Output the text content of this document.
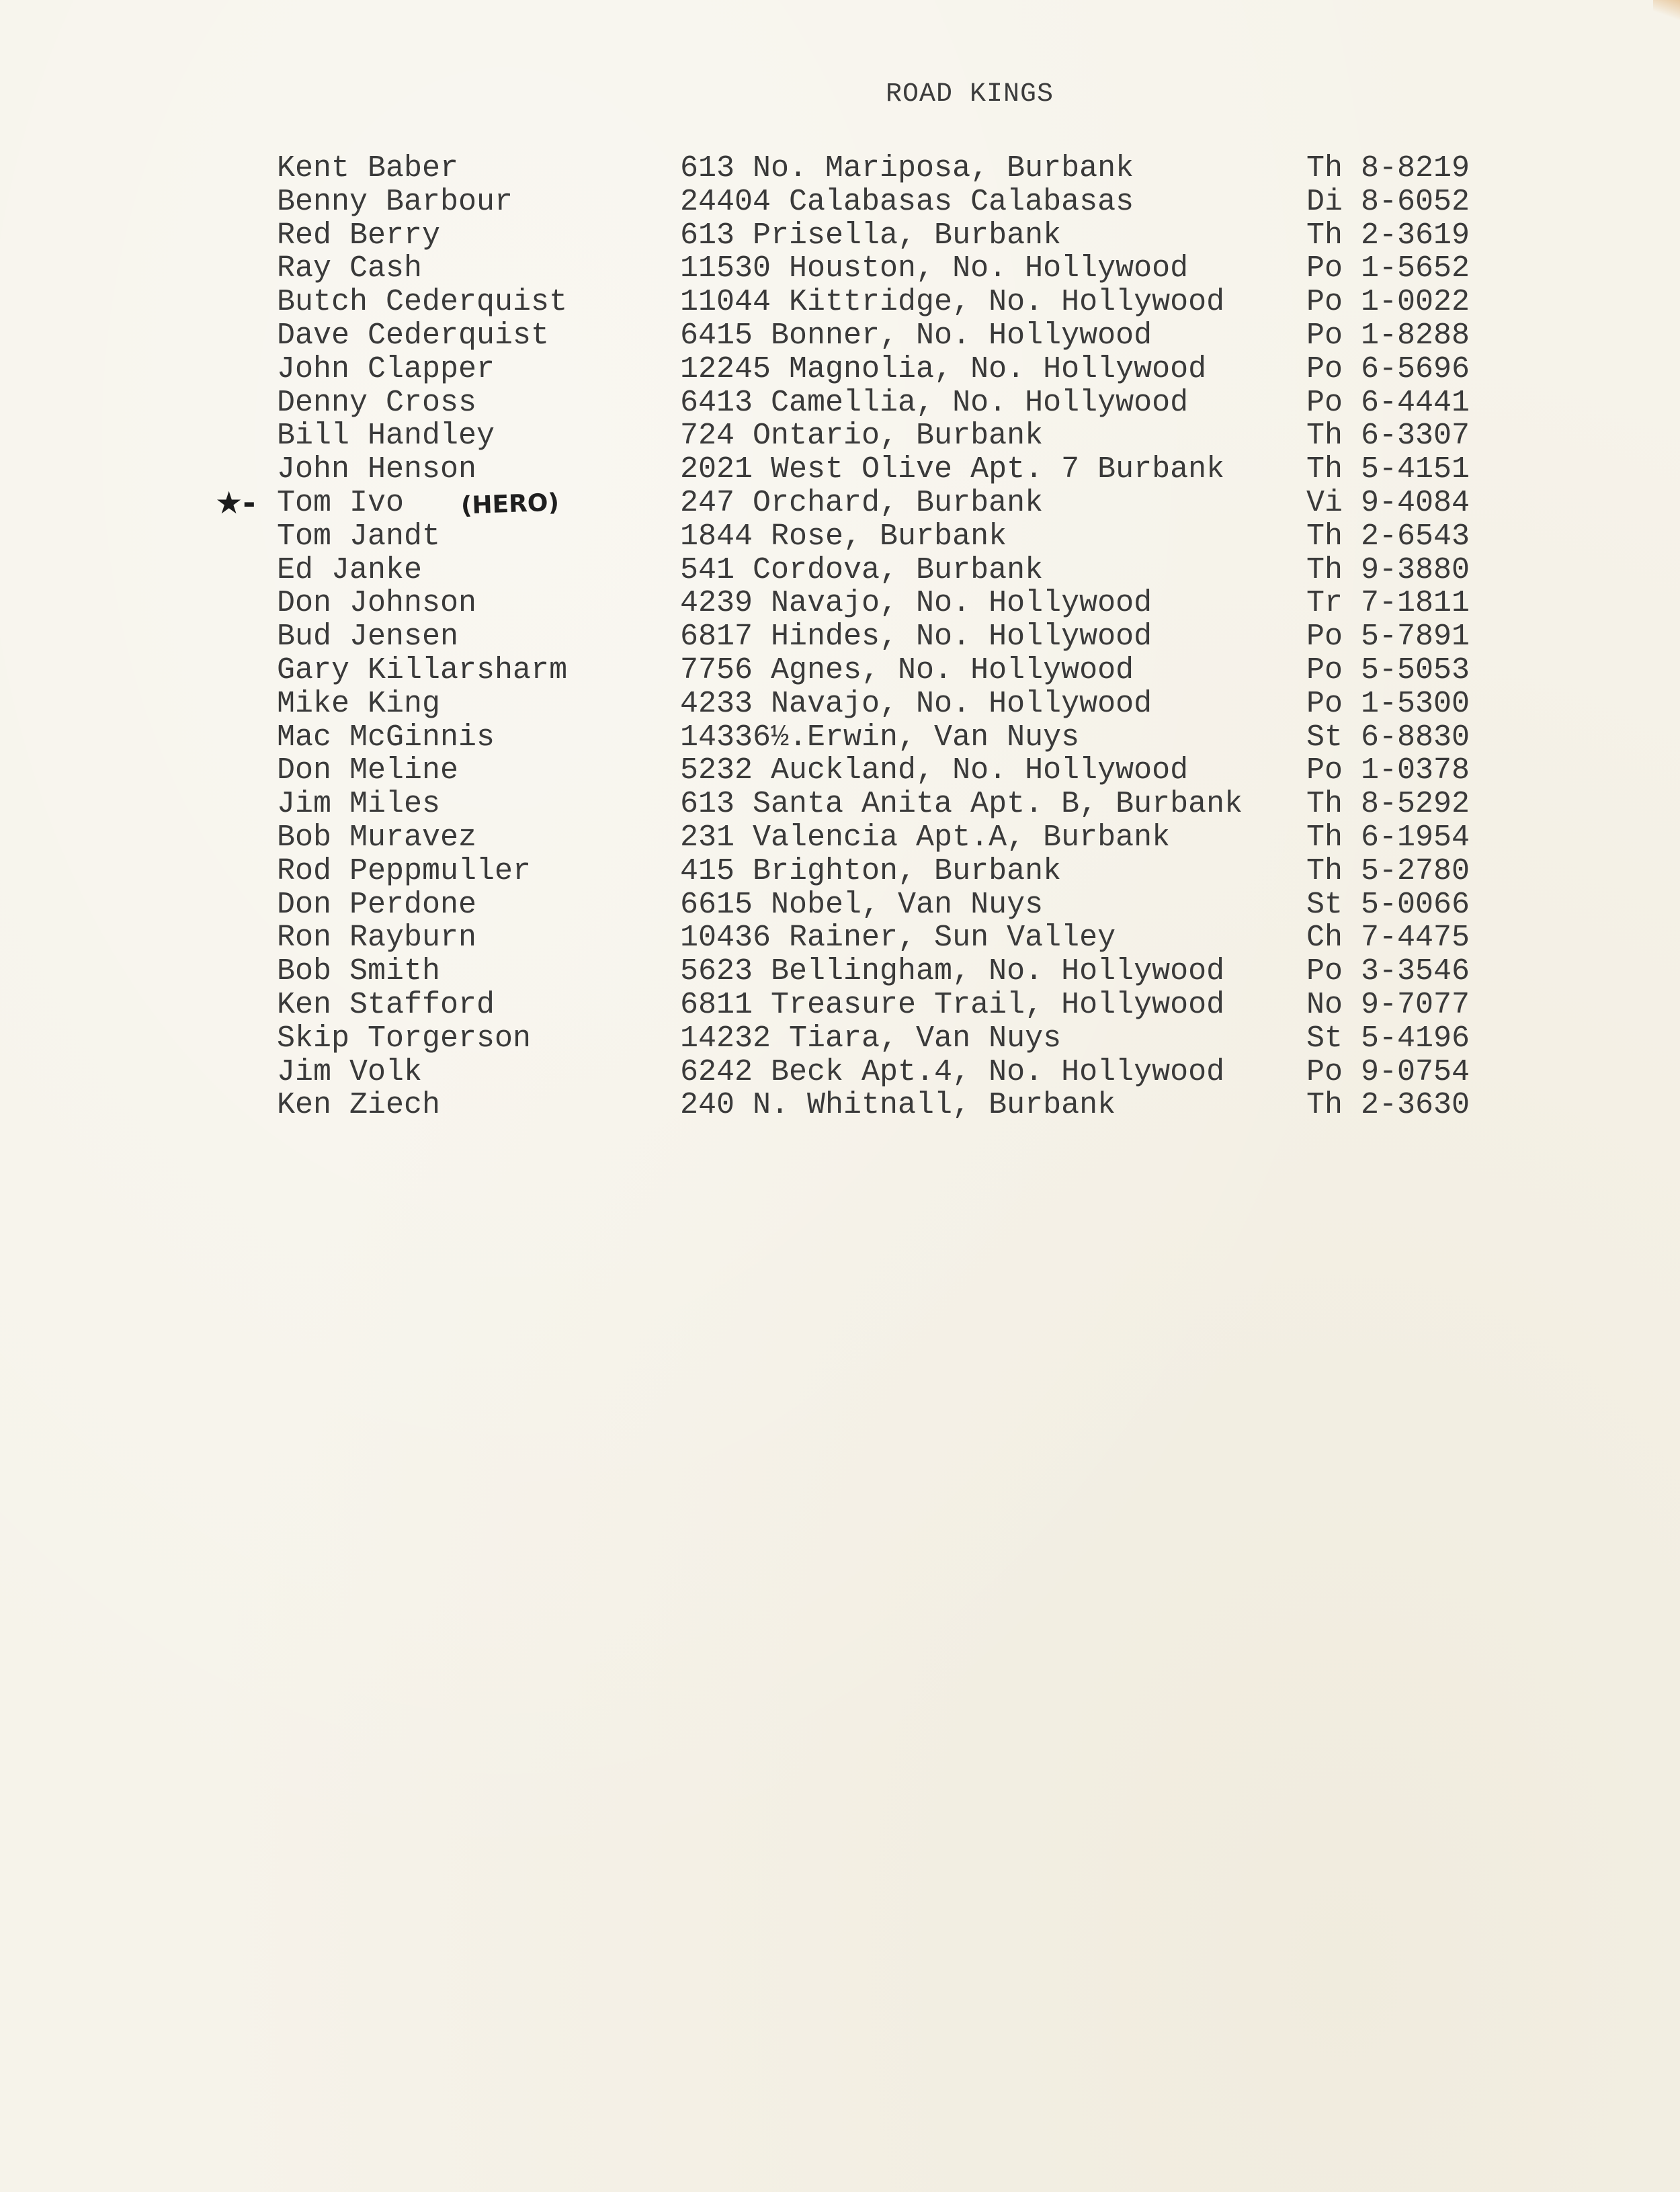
ROAD KINGS
Kent Baber	613 No. Mariposa, Burbank	Th 8-8219
Benny Barbour	24404 Calabasas Calabasas	Di 8-6052
Red Berry	613 Prisella, Burbank	Th 2-3619
Ray Cash	11530 Houston, No. Hollywood	Po 1-5652
Butch Cederquist	11044 Kittridge, No. Hollywood	Po 1-0022
Dave Cederquist	6415 Bonner, No. Hollywood	Po 1-8288
John Clapper	12245 Magnolia, No. Hollywood	Po 6-5696
Denny Cross	6413 Camellia, No. Hollywood	Po 6-4441
Bill Handley	724 Ontario, Burbank	Th 6-3307
John Henson	2021 West Olive Apt. 7 Burbank	Th 5-4151
★- Tom Ivo (HERO)	247 Orchard, Burbank	Vi 9-4084
Tom Jandt	1844 Rose, Burbank	Th 2-6543
Ed Janke	541 Cordova, Burbank	Th 9-3880
Don Johnson	4239 Navajo, No. Hollywood	Tr 7-1811
Bud Jensen	6817 Hindes, No. Hollywood	Po 5-7891
Gary Killarsharm	7756 Agnes, No. Hollywood	Po 5-5053
Mike King	4233 Navajo, No. Hollywood	Po 1-5300
Mac McGinnis	14336½.Erwin, Van Nuys	St 6-8830
Don Meline	5232 Auckland, No. Hollywood	Po 1-0378
Jim Miles	613 Santa Anita Apt. B, Burbank Th 8-5292
Bob Muravez	231 Valencia Apt.A, Burbank	Th 6-1954
Rod Peppmuller	415 Brighton, Burbank	Th 5-2780
Don Perdone	6615 Nobel, Van Nuys	St 5-0066
Ron Rayburn	10436 Rainer, Sun Valley	Ch 7-4475
Bob Smith	5623 Bellingham, No. Hollywood	Po 3-3546
Ken Stafford	6811 Treasure Trail, Hollywood	No 9-7077
Skip Torgerson	14232 Tiara, Van Nuys	St 5-4196
Jim Volk	6242 Beck Apt.4, No. Hollywood	Po 9-0754
Ken Ziech	240 N. Whitnall, Burbank	Th 2-3630
